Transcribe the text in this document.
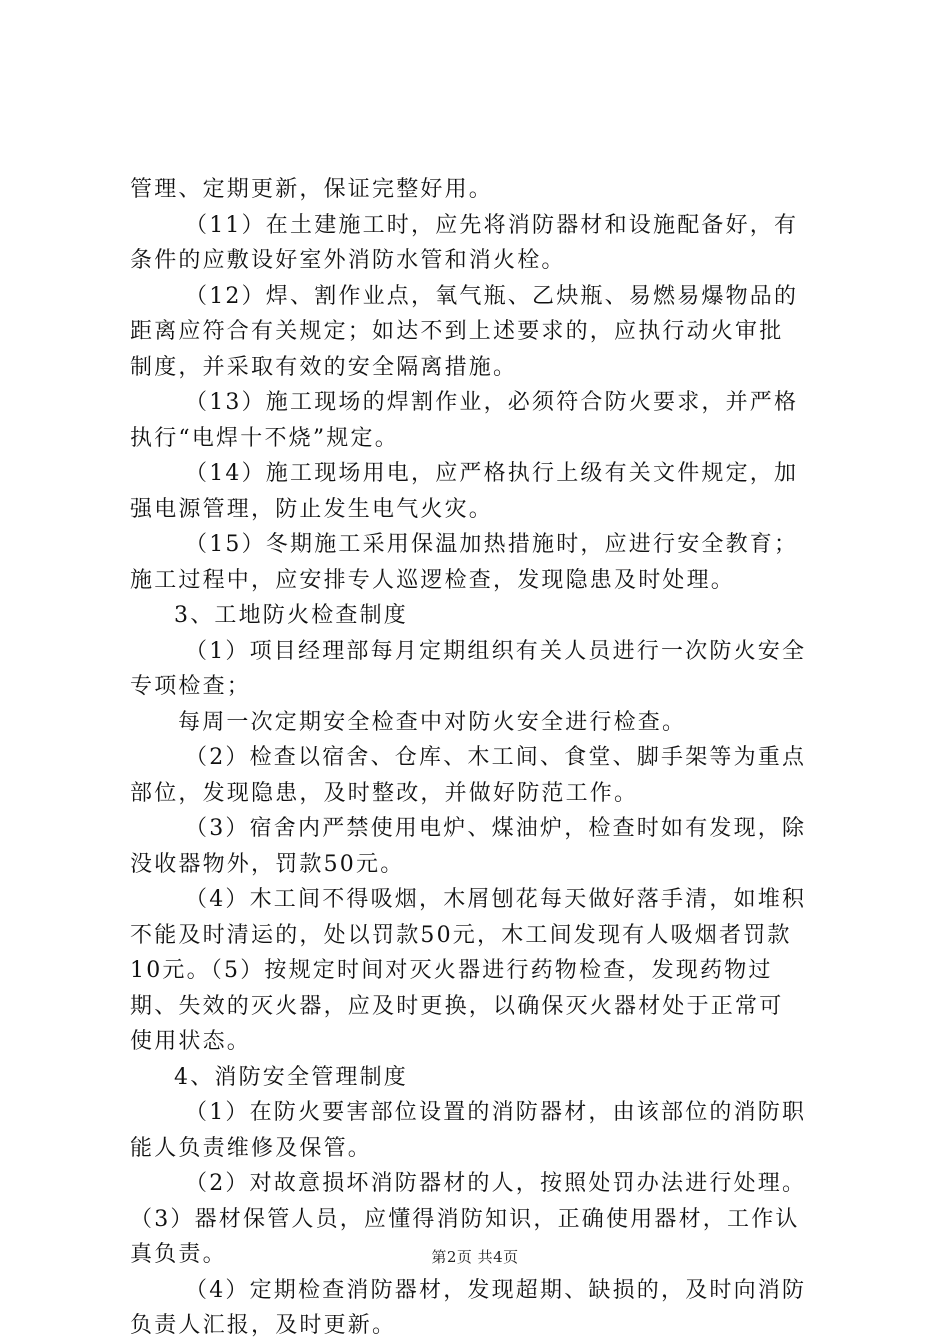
管理、定期更新，保证完整好用。
（11）在土建施工时，应先将消防器材和设施配备好，有
条件的应敷设好室外消防水管和消火栓。
（12）焊、割作业点，氧气瓶、乙炔瓶、易燃易爆物品的
距离应符合有关规定；如达不到上述要求的，应执行动火审批
制度，并采取有效的安全隔离措施。
（13）施工现场的焊割作业，必须符合防火要求，并严格
执行“电焊十不烧”规定。
（14）施工现场用电，应严格执行上级有关文件规定，加
强电源管理，防止发生电气火灾。
（15）冬期施工采用保温加热措施时，应进行安全教育；
施工过程中，应安排专人巡逻检查，发现隐患及时处理。
3、工地防火检查制度
（1）项目经理部每月定期组织有关人员进行一次防火安全
专项检查；
每周一次定期安全检查中对防火安全进行检查。
（2）检查以宿舍、仓库、木工间、食堂、脚手架等为重点
部位，发现隐患，及时整改，并做好防范工作。
（3）宿舍内严禁使用电炉、煤油炉，检查时如有发现，除
没收器物外，罚款50元。
（4）木工间不得吸烟，木屑刨花每天做好落手清，如堆积
不能及时清运的，处以罚款50元，木工间发现有人吸烟者罚款
10元。（5）按规定时间对灭火器进行药物检查，发现药物过
期、失效的灭火器，应及时更换，以确保灭火器材处于正常可
使用状态。
4、消防安全管理制度
（1）在防火要害部位设置的消防器材，由该部位的消防职
能人负责维修及保管。
（2）对故意损坏消防器材的人，按照处罚办法进行处理。
（3）器材保管人员，应懂得消防知识，正确使用器材，工作认
真负责。
（4）定期检查消防器材，发现超期、缺损的，及时向消防
负责人汇报，及时更新。
第2页 共4页
